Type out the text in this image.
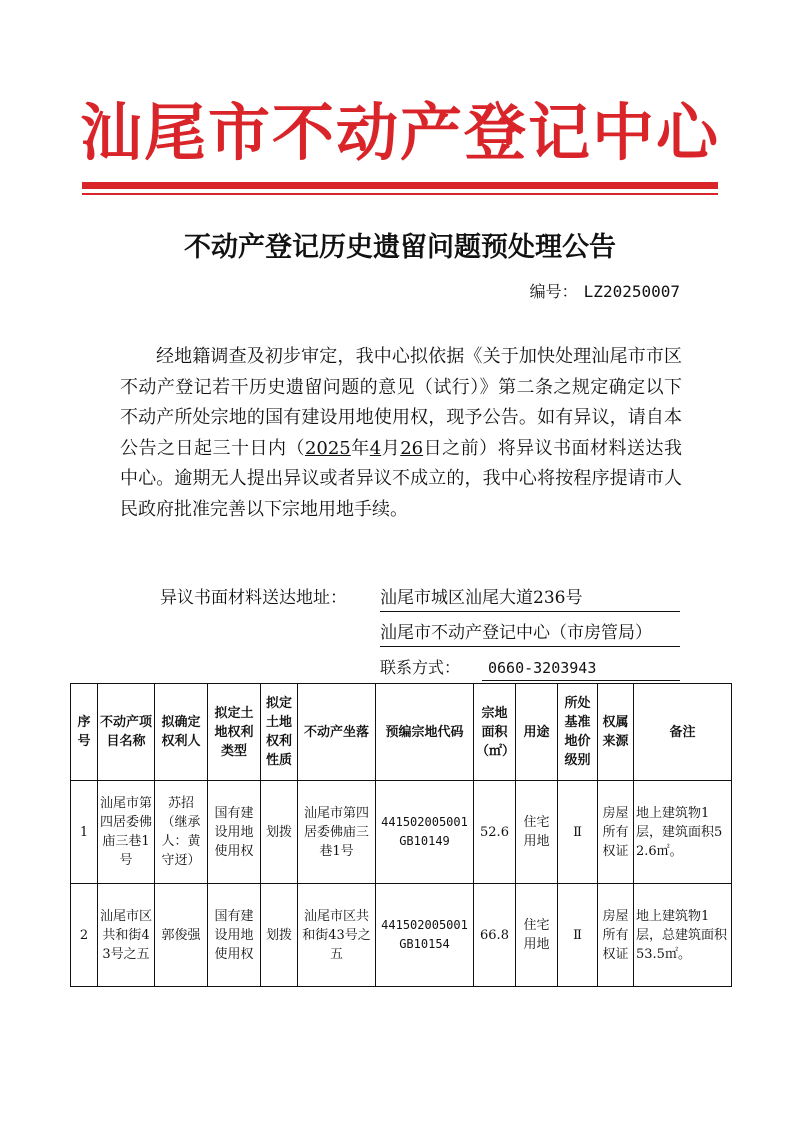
汕尾市不动产登记中心
不动产登记历史遗留问题预处理公告
编号： LZ20250007
经地籍调查及初步审定，我中心拟依据《关于加快处理汕尾市市区不动产登记若干历史遗留问题的意见（试行）》第二条之规定确定以下不动产所处宗地的国有建设用地使用权，现予公告。如有异议，请自本公告之日起三十日内（2025年4月26日之前）将异议书面材料送达我中心。逾期无人提出异议或者异议不成立的，我中心将按程序提请市人民政府批准完善以下宗地用地手续。
异议书面材料送达地址： 汕尾市城区汕尾大道236号
汕尾市不动产登记中心（市房管局）
联系方式：	0660-3203943
序号	不动产项目名称	拟确定权利人	拟定土地权利类型	拟定土地权利性质	不动产坐落	预编宗地代码	宗地面积（㎡）	用途	所处基准地价级别	权属来源	备注
1	汕尾市第四居委佛庙三巷1号	苏招（继承人：黄守迓）	国有建设用地使用权	划拨	汕尾市第四居委佛庙三巷1号	441502005001GB10149	52.6	住宅用地	Ⅱ	房屋所有权证	地上建筑物1层，建筑面积52.6㎡。
2	汕尾市区共和街43号之五	郭俊强	国有建设用地使用权	划拨	汕尾市区共和街43号之五	441502005001GB10154	66.8	住宅用地	Ⅱ	房屋所有权证	地上建筑物1层，总建筑面积53.5㎡。
